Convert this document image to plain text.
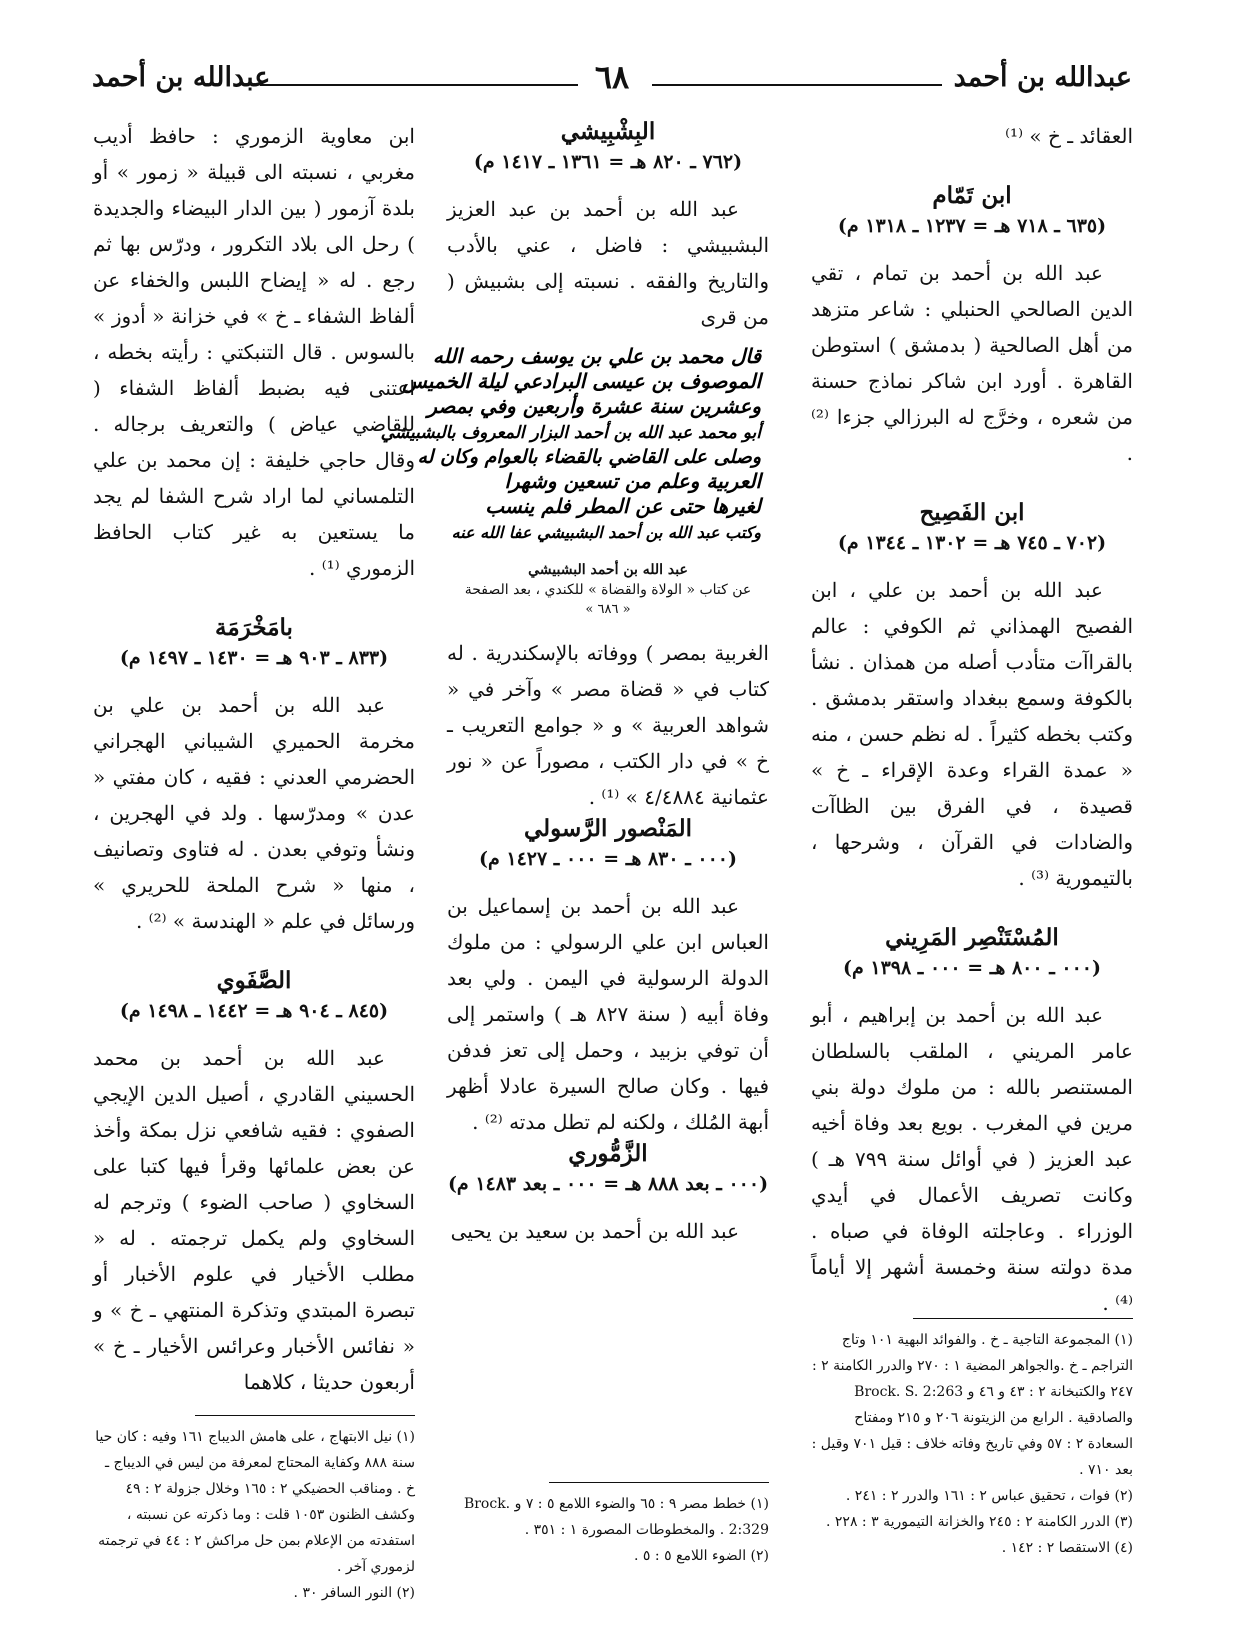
عبدالله بن أحمد
٦٨
عبدالله بن أحمد

العقائد ـ خ » ⁽¹⁾

ابن تَمّام
(٦٣٥ ـ ٧١٨ هـ = ١٢٣٧ ـ ١٣١٨ م)

عبد الله بن أحمد بن تمام ، تقي الدين الصالحي الحنبلي : شاعر متزهد من أهل الصالحية ( بدمشق ) استوطن القاهرة . أورد ابن شاكر نماذج حسنة من شعره ، وخرَّج له البرزالي جزءا ⁽²⁾ .

ابن الفَصِيح
(٧٠٢ ـ ٧٤٥ هـ = ١٣٠٢ ـ ١٣٤٤ م)

عبد الله بن أحمد بن علي ، ابن الفصيح الهمذاني ثم الكوفي : عالم بالقراآت متأدب أصله من همذان . نشأ بالكوفة وسمع ببغداد واستقر بدمشق . وكتب بخطه كثيراً . له نظم حسن ، منه « عمدة القراء وعدة الإقراء ـ خ » قصيدة ، في الفرق بين الظاآت والضادات في القرآن ، وشرحها ، بالتيمورية ⁽³⁾ .

المُسْتَنْصِر المَرِيني
(٠٠٠ ـ ٨٠٠ هـ = ٠٠٠ ـ ١٣٩٨ م)

عبد الله بن أحمد بن إبراهيم ، أبو عامر المريني ، الملقب بالسلطان المستنصر بالله : من ملوك دولة بني مرين في المغرب . بويع بعد وفاة أخيه عبد العزيز ( في أوائل سنة ٧٩٩ هـ ) وكانت تصريف الأعمال في أيدي الوزراء . وعاجلته الوفاة في صباه . مدة دولته سنة وخمسة أشهر إلا أياماً ⁽⁴⁾ .

البِشْبِيشي
(٧٦٢ ـ ٨٢٠ هـ = ١٣٦١ ـ ١٤١٧ م)

عبد الله بن أحمد بن عبد العزيز البشبيشي : فاضل ، عني بالأدب والتاريخ والفقه . نسبته إلى بشبيش ( من قرى

قال محمد بن علي بن يوسف رحمه الله
الموصوف بن عيسى البرادعي ليلة الخميس
وعشرين سنة عشرة وأربعين وفي بمصر
أبو محمد عبد الله بن أحمد البزار المعروف بالبشبيشي
وصلى على القاضي بالقضاء بالعوام وكان له
العربية وعلم من تسعين وشهرا
لغيرها حتى عن المطر فلم ينسب
وكتب عبد الله بن أحمد البشبيشي عفا الله عنه
عبد الله بن أحمد البشبيشي
عن كتاب « الولاة والقضاة » للكندي ، بعد الصفحة
« ٦٨٦ »

الغربية بمصر ) ووفاته بالإسكندرية . له كتاب في « قضاة مصر » وآخر في « شواهد العربية » و « جوامع التعريب ـ خ » في دار الكتب ، مصوراً عن « نور عثمانية ٤/٤٨٨٤ » ⁽¹⁾ .

المَنْصور الرَّسولي
(٠٠٠ ـ ٨٣٠ هـ = ٠٠٠ ـ ١٤٢٧ م)

عبد الله بن أحمد بن إسماعيل بن العباس ابن علي الرسولي : من ملوك الدولة الرسولية في اليمن . ولي بعد وفاة أبيه ( سنة ٨٢٧ هـ ) واستمر إلى أن توفي بزبيد ، وحمل إلى تعز فدفن فيها . وكان صالح السيرة عادلا أظهر أبهة المُلك ، ولكنه لم تطل مدته ⁽²⁾ .

الزَّمُّوري
(٠٠٠ ـ بعد ٨٨٨ هـ = ٠٠٠ ـ بعد ١٤٨٣ م)

عبد الله بن أحمد بن سعيد بن يحيى

ابن معاوية الزموري : حافظ أديب مغربي ، نسبته الى قبيلة « زمور » أو بلدة آزمور ( بين الدار البيضاء والجديدة ) رحل الى بلاد التكرور ، ودرّس بها ثم رجع . له « إيضاح اللبس والخفاء عن ألفاظ الشفاء ـ خ » في خزانة « أدوز » بالسوس . قال التنبكتي : رأيته بخطه ، اعتنى فيه بضبط ألفاظ الشفاء ( للقاضي عياض ) والتعريف برجاله . وقال حاجي خليفة : إن محمد بن علي التلمساني لما اراد شرح الشفا لم يجد ما يستعين به غير كتاب الحافظ الزموري ⁽¹⁾ .

بامَخْرَمَة
(٨٣٣ ـ ٩٠٣ هـ = ١٤٣٠ ـ ١٤٩٧ م)

عبد الله بن أحمد بن علي بن مخرمة الحميري الشيباني الهجراني الحضرمي العدني : فقيه ، كان مفتي « عدن » ومدرّسها . ولد في الهجرين ، ونشأ وتوفي بعدن . له فتاوى وتصانيف ، منها « شرح الملحة للحريري » ورسائل في علم « الهندسة » ⁽²⁾ .

الصَّفَوي
(٨٤٥ ـ ٩٠٤ هـ = ١٤٤٢ ـ ١٤٩٨ م)

عبد الله بن أحمد بن محمد الحسيني القادري ، أصيل الدين الإيجي الصفوي : فقيه شافعي نزل بمكة وأخذ عن بعض علمائها وقرأ فيها كتبا على السخاوي ( صاحب الضوء ) وترجم له السخاوي ولم يكمل ترجمته . له « مطلب الأخيار في علوم الأخبار أو تبصرة المبتدي وتذكرة المنتهي ـ خ » و « نفائس الأخبار وعرائس الأخيار ـ خ » أربعون حديثا ، كلاهما

(١) المجموعة التاجية ـ خ . والفوائد البهية ١٠١ وتاج التراجم ـ خ .والجواهر المضية ١ : ٢٧٠ والدرر الكامنة ٢ : ٢٤٧ والكتبخانة ٢ : ٤٣ و ٤٦ و Brock. S. 2:263 والصادقية . الرابع من الزيتونة ٢٠٦ و ٢١٥ ومفتاح السعادة ٢ : ٥٧ وفي تاريخ وفاته خلاف : قيل ٧٠١ وقيل : بعد ٧١٠ .

(٢) فوات ، تحقيق عباس ٢ : ١٦١ والدرر ٢ : ٢٤١ .

(٣) الدرر الكامنة ٢ : ٢٤٥ والخزانة التيمورية ٣ : ٢٢٨ .

(٤) الاستقصا ٢ : ١٤٢ .

(١) خطط مصر ٩ : ٦٥ والضوء اللامع ٥ : ٧ و Brock. 2:329 . والمخطوطات المصورة ١ : ٣٥١ .

(٢) الضوء اللامع ٥ : ٥ .

(١) نيل الابتهاج ، على هامش الديباج ١٦١ وفيه : كان حيا سنة ٨٨٨ وكفاية المحتاج لمعرفة من ليس في الديباج ـ خ . ومناقب الحضيكي ٢ : ١٦٥ وخلال جزولة ٢ : ٤٩ وكشف الظنون ١٠٥٣ قلت : وما ذكرته عن نسبته ، استفدته من الإعلام بمن حل مراكش ٢ : ٤٤ في ترجمته لزموري آخر .

(٢) النور السافر ٣٠ .
